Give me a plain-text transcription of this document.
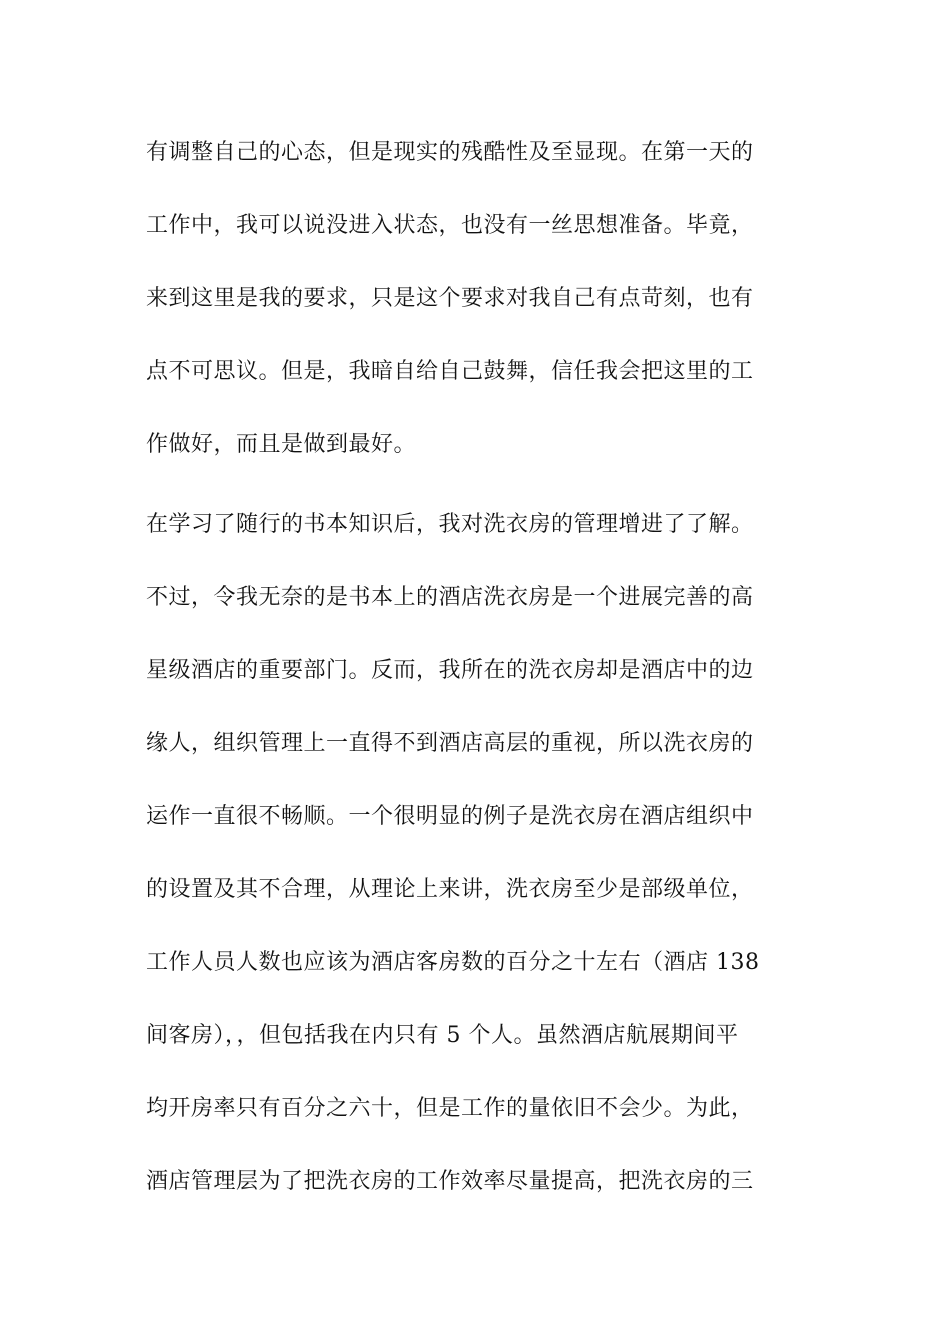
有调整自己的心态，但是现实的残酷性及至显现。在第一天的
工作中，我可以说没进入状态，也没有一丝思想准备。毕竟，
来到这里是我的要求，只是这个要求对我自己有点苛刻，也有
点不可思议。但是，我暗自给自己鼓舞，信任我会把这里的工
作做好，而且是做到最好。
在学习了随行的书本知识后，我对洗衣房的管理增进了了解。
不过，令我无奈的是书本上的酒店洗衣房是一个进展完善的高
星级酒店的重要部门。反而，我所在的洗衣房却是酒店中的边
缘人，组织管理上一直得不到酒店高层的重视，所以洗衣房的
运作一直很不畅顺。一个很明显的例子是洗衣房在酒店组织中
的设置及其不合理，从理论上来讲，洗衣房至少是部级单位，
工作人员人数也应该为酒店客房数的百分之十左右（酒店 138
间客房），，但包括我在内只有 5 个人。虽然酒店航展期间平
均开房率只有百分之六十，但是工作的量依旧不会少。为此，
酒店管理层为了把洗衣房的工作效率尽量提高，把洗衣房的三
